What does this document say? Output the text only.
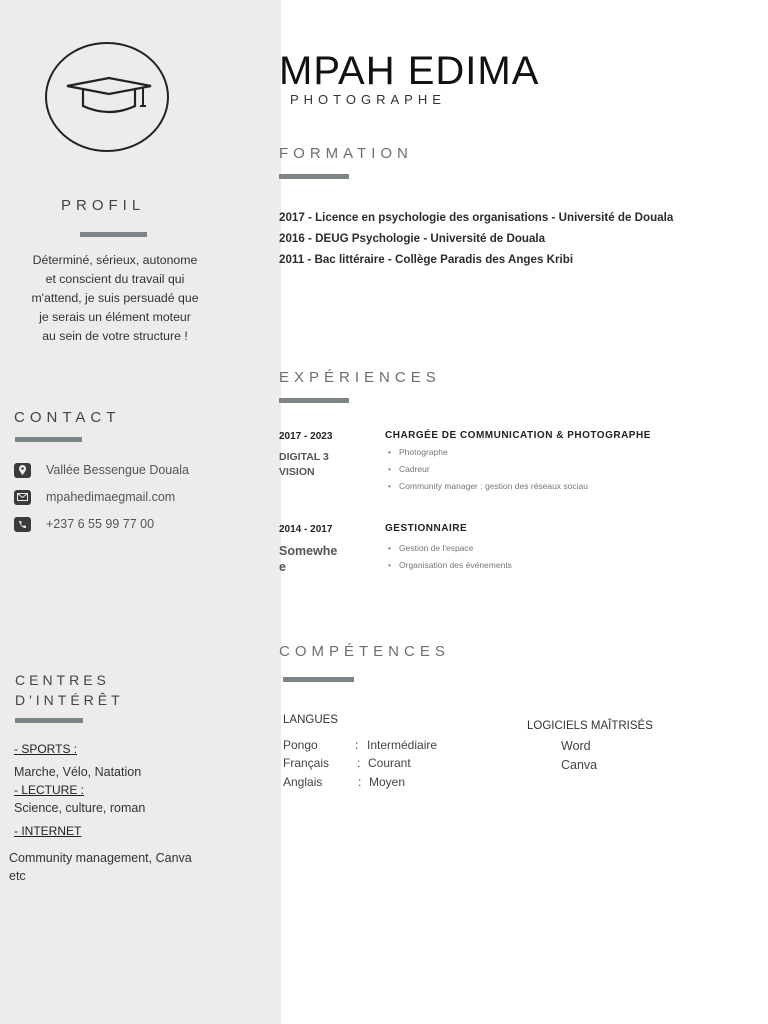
PROFIL
Déterminé, sérieux, autonome
et conscient du travail qui
m'attend, je suis persuadé que
je serais un élément moteur
au sein de votre structure !
CONTACT
Vallée Bessengue Douala
mpahedimaegmail.com
+237 6 55 99 77 00
CENTRES
D'INTÉRÊT
- SPORTS :
Marche, Vélo, Natation
- LECTURE :
Science, culture, roman
- INTERNET
Community management, Canva
etc
MPAH EDIMA
PHOTOGRAPHE
FORMATION
2017 - Licence en psychologie des organisations - Université de Douala
2016 - DEUG Psychologie - Université de Douala
2011 - Bac littéraire - Collège Paradis des Anges Kribi
EXPÉRIENCES
2017 - 2023
DIGITAL 3
VISION
CHARGÉE DE COMMUNICATION & PHOTOGRAPHE
• Photographe
• Cadreur
• Community manager : gestion des réseaux sociau
2014 - 2017
Somewhe
e
GESTIONNAIRE
• Gestion de l'espace
• Organisation des événements
COMPÉTENCES
LANGUES
Pongo	: Intermédiaire
Français : Courant
Anglais	: Moyen
LOGICIELS MAÎTRISÉS
Word
Canva
